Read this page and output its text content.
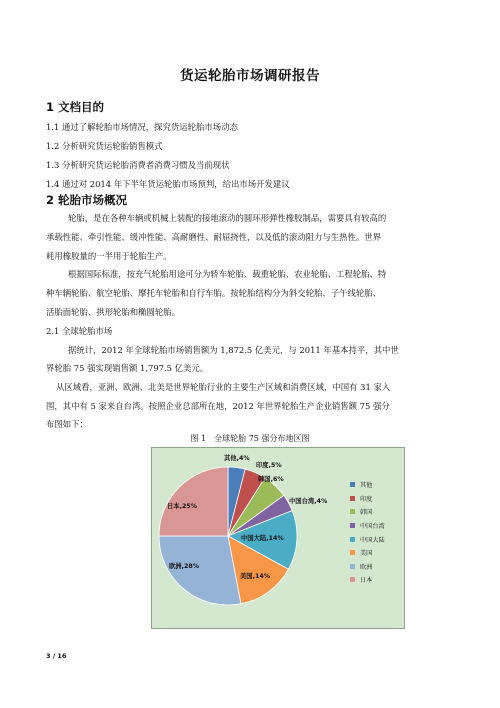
货运轮胎市场调研报告
1 文档目的
1.1 通过了解轮胎市场情况，探究货运轮胎市场动态
1.2 分析研究货运轮胎销售模式
1.3 分析研究货运轮胎消费者消费习惯及当前现状
1.4 通过对 2014 年下半年货运轮胎市场预判，给出市场开发建议
2 轮胎市场概况
轮胎，是在各种车辆或机械上装配的接地滚动的圆环形弹性橡胶制品，需要具有较高的
承载性能、牵引性能、缓冲性能、高耐磨性、耐屈挠性，以及低的滚动阻力与生热性。世界
耗用橡胶量的一半用于轮胎生产。
根据国际标准，按充气轮胎用途可分为轿车轮胎、载重轮胎、农业轮胎、工程轮胎、特
种车辆轮胎、航空轮胎、摩托车轮胎和自行车胎。按轮胎结构分为斜交轮胎、子午线轮胎、
活胎面轮胎、拱形轮胎和椭圆轮胎。
2.1 全球轮胎市场
据统计，2012 年全球轮胎市场销售额为 1,872.5 亿美元，与 2011 年基本持平，其中世
界轮胎 75 强实现销售额 1,797.5 亿美元。
从区域看，亚洲、欧洲、北美是世界轮胎行业的主要生产区域和消费区域，中国有 31 家入
围，其中有 5 家来自台湾。按照企业总部所在地，2012 年世界轮胎生产企业销售额 75 强分
布图如下：
图 1　全球轮胎 75 强分布地区图
其他,4%
印度,5%
韩国,6%
中国台湾,4%
中国大陆,14%
美国,14%
欧洲,28%
日本,25%
其他
印度
韩国
中国台湾
中国大陆
美国
欧洲
日本
3 / 16
